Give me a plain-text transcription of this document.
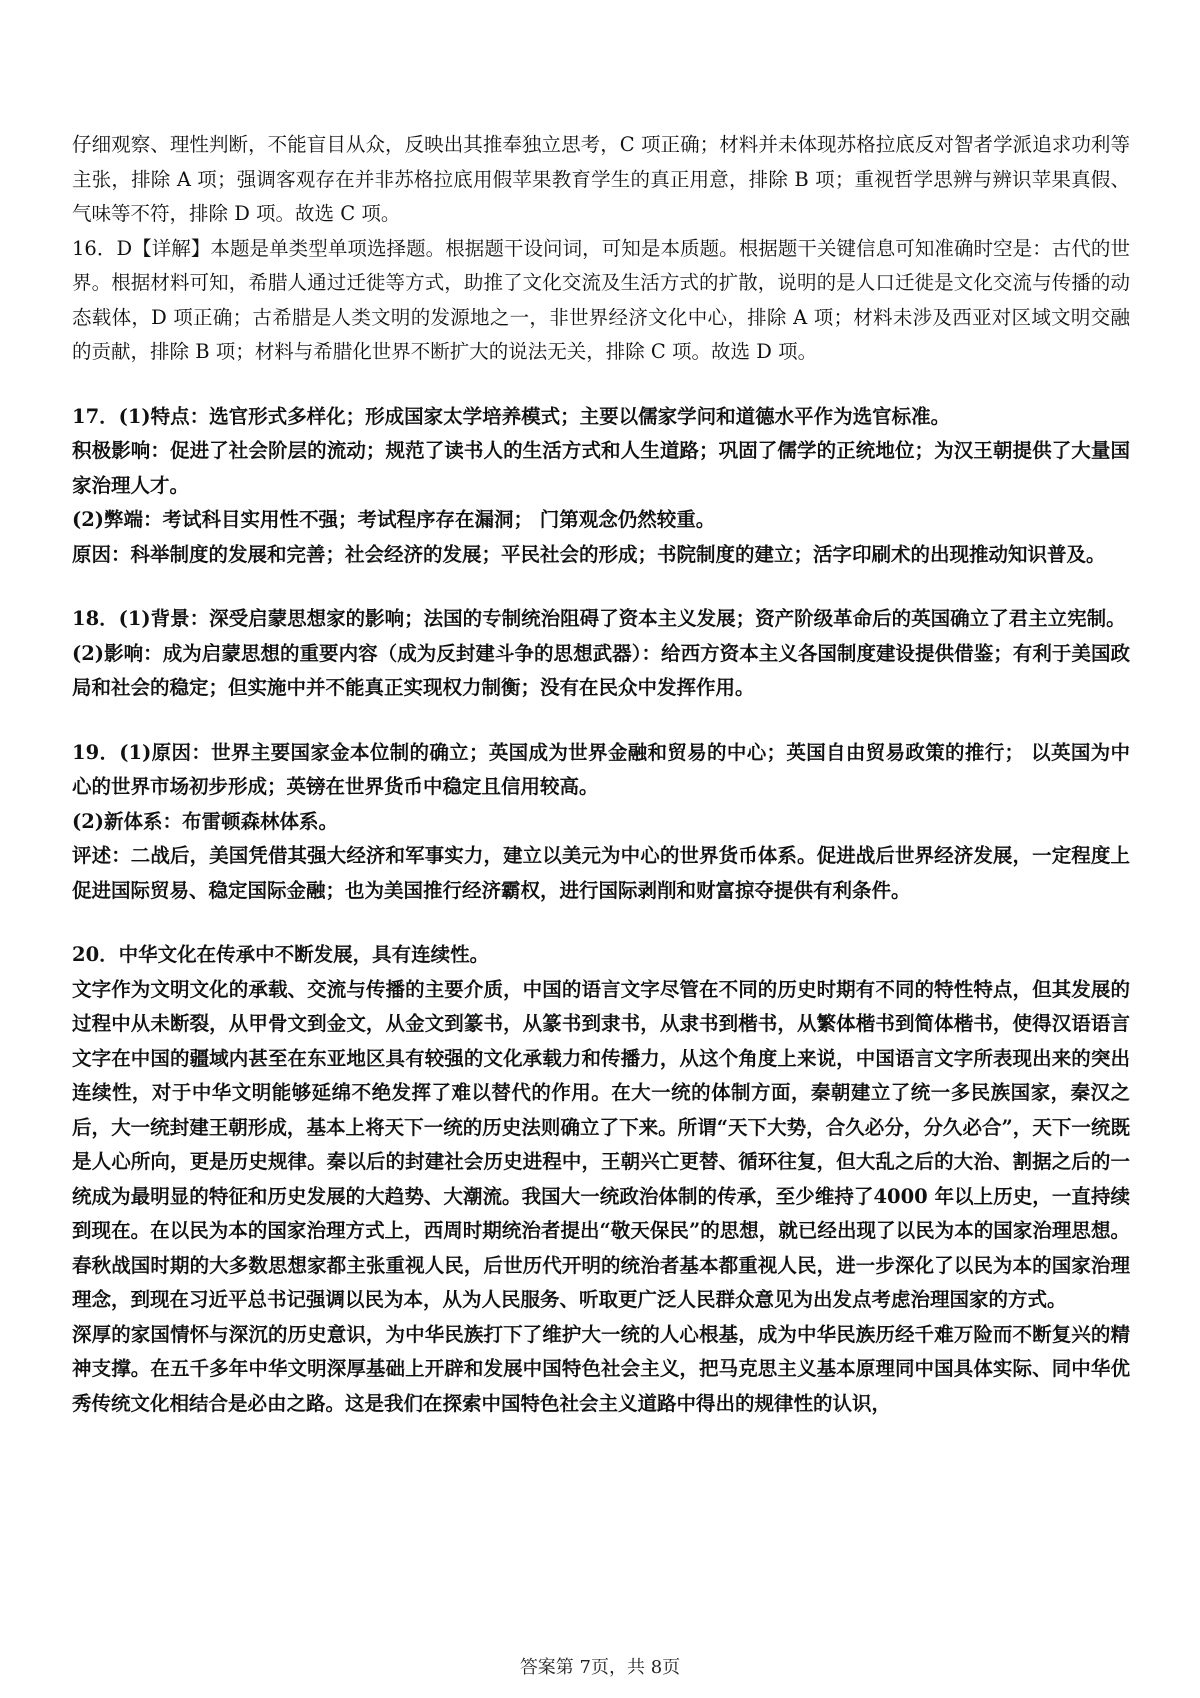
仔细观察、理性判断，不能盲目从众，反映出其推奉独立思考，C 项正确；材料并未体现苏格拉底反对智者学派追求功利等主张，排除 A 项；强调客观存在并非苏格拉底用假苹果教育学生的真正用意，排除 B 项；重视哲学思辨与辨识苹果真假、气味等不符，排除 D 项。故选 C 项。

16．D【详解】本题是单类型单项选择题。根据题干设问词，可知是本质题。根据题干关键信息可知准确时空是：古代的世界。根据材料可知，希腊人通过迁徙等方式，助推了文化交流及生活方式的扩散，说明的是人口迁徙是文化交流与传播的动态载体，D 项正确；古希腊是人类文明的发源地之一，非世界经济文化中心，排除 A 项；材料未涉及西亚对区域文明交融的贡献，排除 B 项；材料与希腊化世界不断扩大的说法无关，排除 C 项。故选 D 项。

17．(1)特点：选官形式多样化；形成国家太学培养模式；主要以儒家学问和道德水平作为选官标准。

积极影响：促进了社会阶层的流动；规范了读书人的生活方式和人生道路；巩固了儒学的正统地位；为汉王朝提供了大量国家治理人才。

(2)弊端：考试科目实用性不强；考试程序存在漏洞； 门第观念仍然较重。

原因：科举制度的发展和完善；社会经济的发展；平民社会的形成；书院制度的建立；活字印刷术的出现推动知识普及。

18．(1)背景：深受启蒙思想家的影响；法国的专制统治阻碍了资本主义发展；资产阶级革命后的英国确立了君主立宪制。

(2)影响：成为启蒙思想的重要内容（成为反封建斗争的思想武器）：给西方资本主义各国制度建设提供借鉴；有利于美国政局和社会的稳定；但实施中并不能真正实现权力制衡；没有在民众中发挥作用。

19．(1)原因：世界主要国家金本位制的确立；英国成为世界金融和贸易的中心；英国自由贸易政策的推行； 以英国为中心的世界市场初步形成；英镑在世界货币中稳定且信用较高。

(2)新体系：布雷顿森林体系。

评述：二战后，美国凭借其强大经济和军事实力，建立以美元为中心的世界货币体系。促进战后世界经济发展，一定程度上促进国际贸易、稳定国际金融；也为美国推行经济霸权，进行国际剥削和财富掠夺提供有利条件。

20．中华文化在传承中不断发展，具有连续性。

文字作为文明文化的承载、交流与传播的主要介质，中国的语言文字尽管在不同的历史时期有不同的特性特点，但其发展的过程中从未断裂，从甲骨文到金文，从金文到篆书，从篆书到隶书，从隶书到楷书，从繁体楷书到简体楷书，使得汉语语言文字在中国的疆域内甚至在东亚地区具有较强的文化承载力和传播力，从这个角度上来说，中国语言文字所表现出来的突出连续性，对于中华文明能够延绵不绝发挥了难以替代的作用。在大一统的体制方面，秦朝建立了统一多民族国家，秦汉之后，大一统封建王朝形成，基本上将天下一统的历史法则确立了下来。所谓“天下大势，合久必分，分久必合”，天下一统既是人心所向，更是历史规律。秦以后的封建社会历史进程中，王朝兴亡更替、循环往复，但大乱之后的大治、割据之后的一统成为最明显的特征和历史发展的大趋势、大潮流。我国大一统政治体制的传承，至少维持了4000 年以上历史，一直持续到现在。在以民为本的国家治理方式上，西周时期统治者提出“敬天保民”的思想，就已经出现了以民为本的国家治理思想。春秋战国时期的大多数思想家都主张重视人民，后世历代开明的统治者基本都重视人民，进一步深化了以民为本的国家治理理念，到现在习近平总书记强调以民为本，从为人民服务、听取更广泛人民群众意见为出发点考虑治理国家的方式。

深厚的家国情怀与深沉的历史意识，为中华民族打下了维护大一统的人心根基，成为中华民族历经千难万险而不断复兴的精神支撑。在五千多年中华文明深厚基础上开辟和发展中国特色社会主义，把马克思主义基本原理同中国具体实际、同中华优秀传统文化相结合是必由之路。这是我们在探索中国特色社会主义道路中得出的规律性的认识，

答案第 7页，共 8页
